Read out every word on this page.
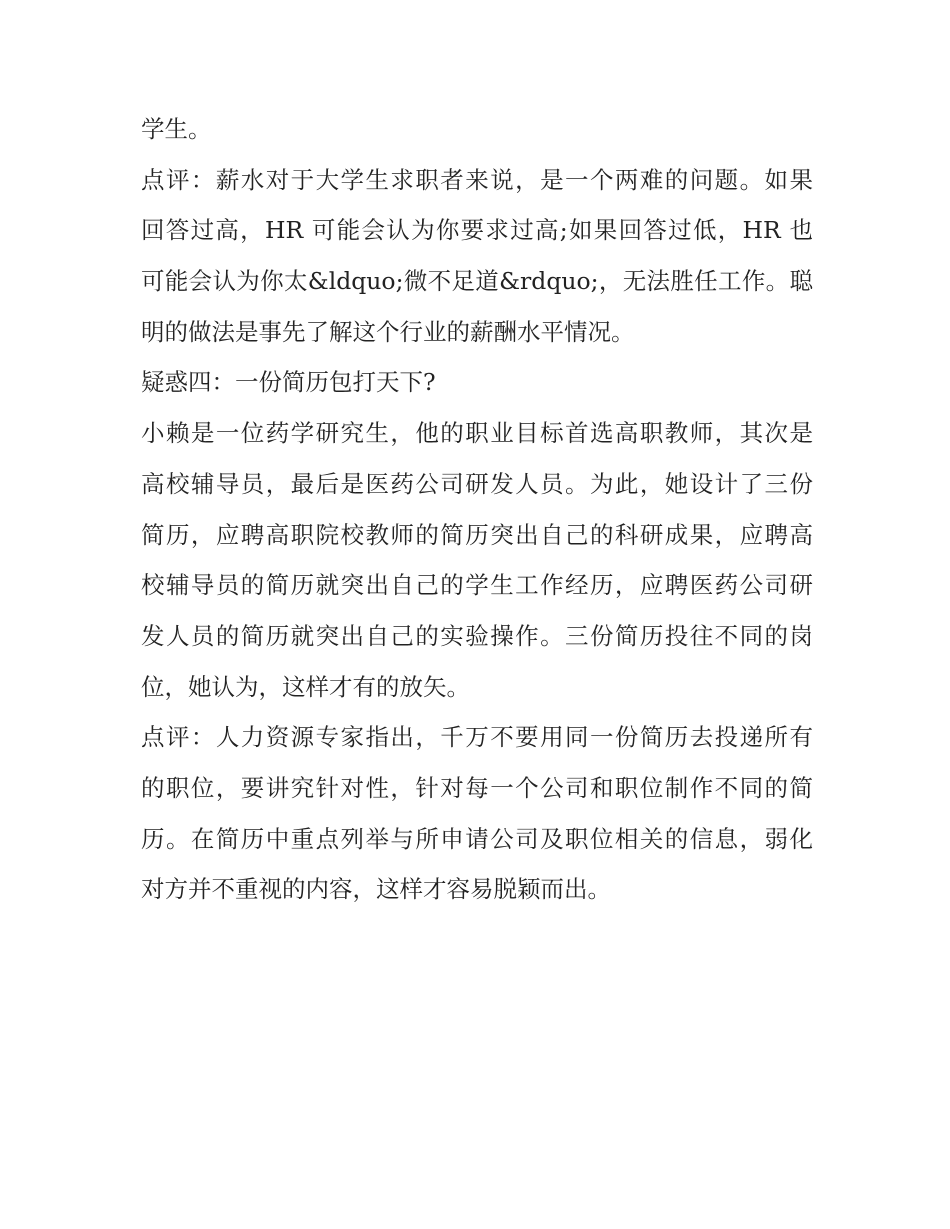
学生。
点评：薪水对于大学生求职者来说，是一个两难的问题。如果
回答过高，HR 可能会认为你要求过高;如果回答过低，HR 也
可能会认为你太&ldquo;微不足道&rdquo;，无法胜任工作。聪
明的做法是事先了解这个行业的薪酬水平情况。
疑惑四：一份简历包打天下?
小赖是一位药学研究生，他的职业目标首选高职教师，其次是
高校辅导员，最后是医药公司研发人员。为此，她设计了三份
简历，应聘高职院校教师的简历突出自己的科研成果，应聘高
校辅导员的简历就突出自己的学生工作经历，应聘医药公司研
发人员的简历就突出自己的实验操作。三份简历投往不同的岗
位，她认为，这样才有的放矢。
点评：人力资源专家指出，千万不要用同一份简历去投递所有
的职位，要讲究针对性，针对每一个公司和职位制作不同的简
历。在简历中重点列举与所申请公司及职位相关的信息，弱化
对方并不重视的内容，这样才容易脱颖而出。
